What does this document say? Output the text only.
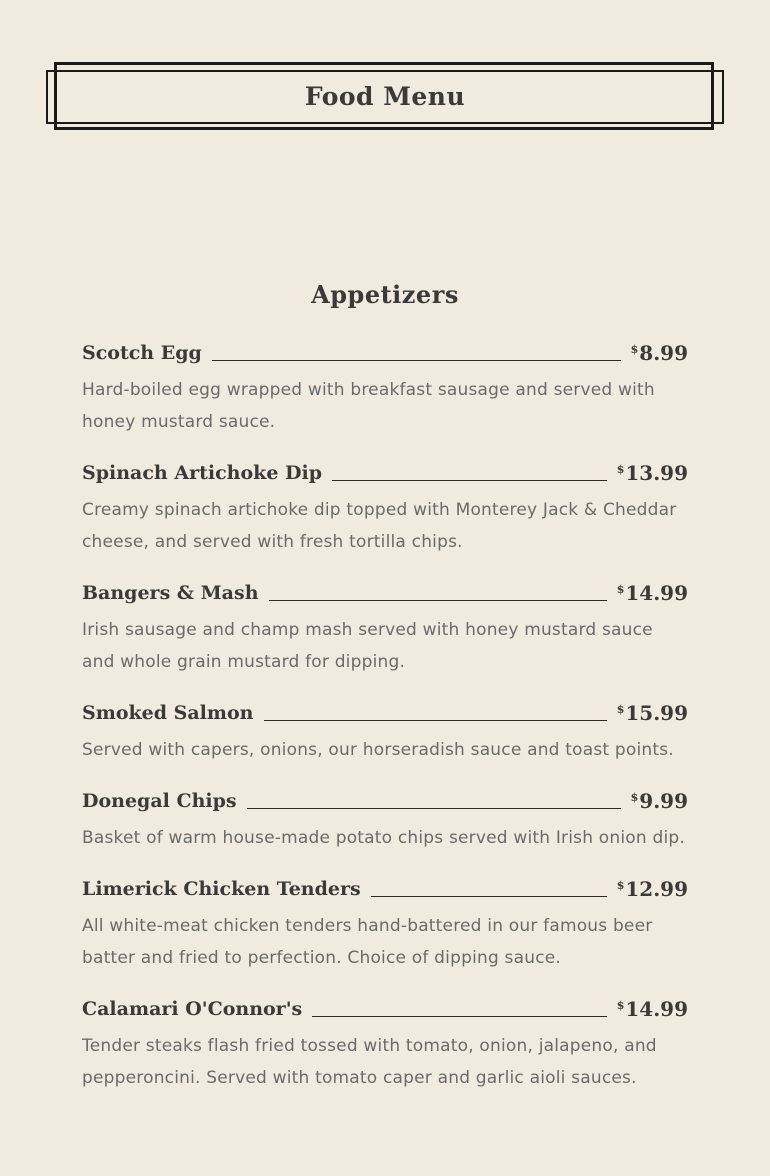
Food Menu
Appetizers
Scotch Egg	$8.99
Hard-boiled egg wrapped with breakfast sausage and served with honey mustard sauce.
Spinach Artichoke Dip	$13.99
Creamy spinach artichoke dip topped with Monterey Jack & Cheddar cheese, and served with fresh tortilla chips.
Bangers & Mash	$14.99
Irish sausage and champ mash served with honey mustard sauce and whole grain mustard for dipping.
Smoked Salmon	$15.99
Served with capers, onions, our horseradish sauce and toast points.
Donegal Chips	$9.99
Basket of warm house-made potato chips served with Irish onion dip.
Limerick Chicken Tenders	$12.99
All white-meat chicken tenders hand-battered in our famous beer batter and fried to perfection. Choice of dipping sauce.
Calamari O'Connor's	$14.99
Tender steaks flash fried tossed with tomato, onion, jalapeno, and pepperoncini. Served with tomato caper and garlic aioli sauces.
